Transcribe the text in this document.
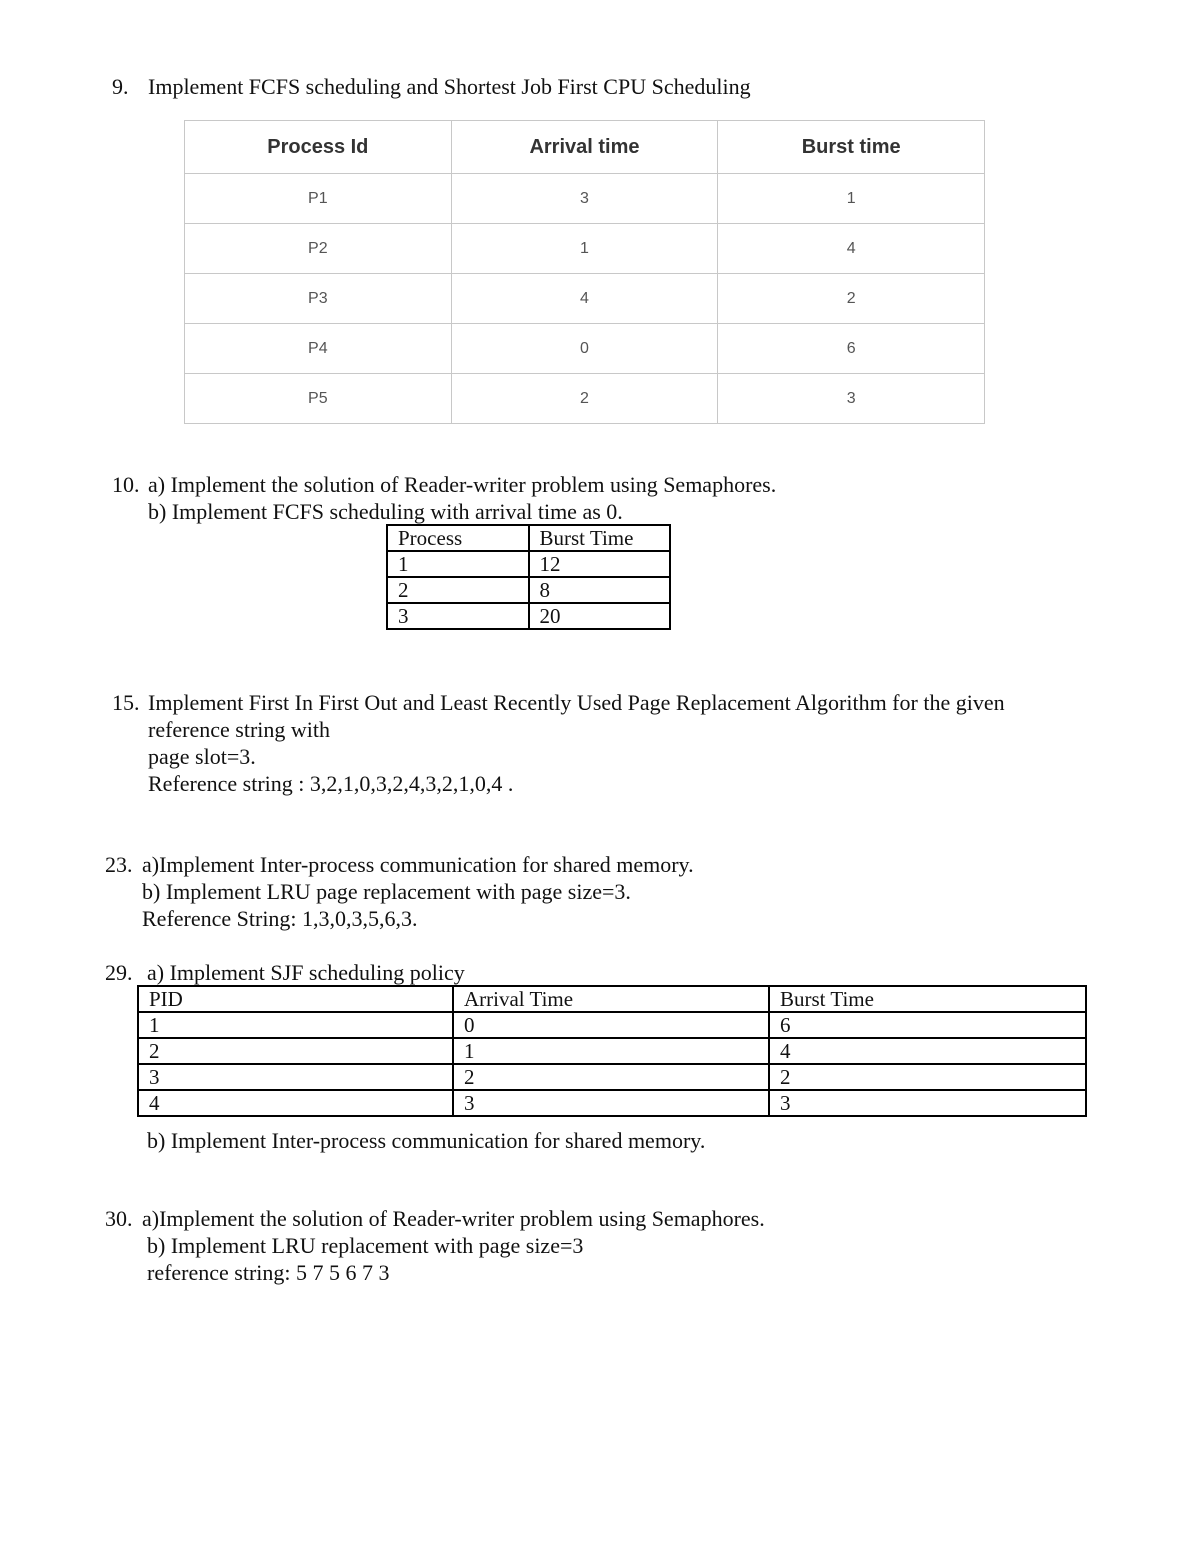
9. Implement FCFS scheduling and Shortest Job First CPU Scheduling
Process Id	Arrival time	Burst time
P1	3	1
P2	1	4
P3	4	2
P4	0	6
P5	2	3
10. a) Implement the solution of Reader-writer problem using Semaphores.
b) Implement FCFS scheduling with arrival time as 0.
Process	Burst Time
1	12
2	8
3	20
15. Implement First In First Out and Least Recently Used Page Replacement Algorithm for the given
reference string with
page slot=3.
Reference string : 3,2,1,0,3,2,4,3,2,1,0,4 .
23. a)Implement Inter-process communication for shared memory.
b) Implement LRU page replacement with page size=3.
Reference String: 1,3,0,3,5,6,3.
29. a) Implement SJF scheduling policy
PID	Arrival Time	Burst Time
1	0	6
2	1	4
3	2	2
4	3	3
b) Implement Inter-process communication for shared memory.
30. a)Implement the solution of Reader-writer problem using Semaphores.
b) Implement LRU replacement with page size=3
reference string: 5 7 5 6 7 3
